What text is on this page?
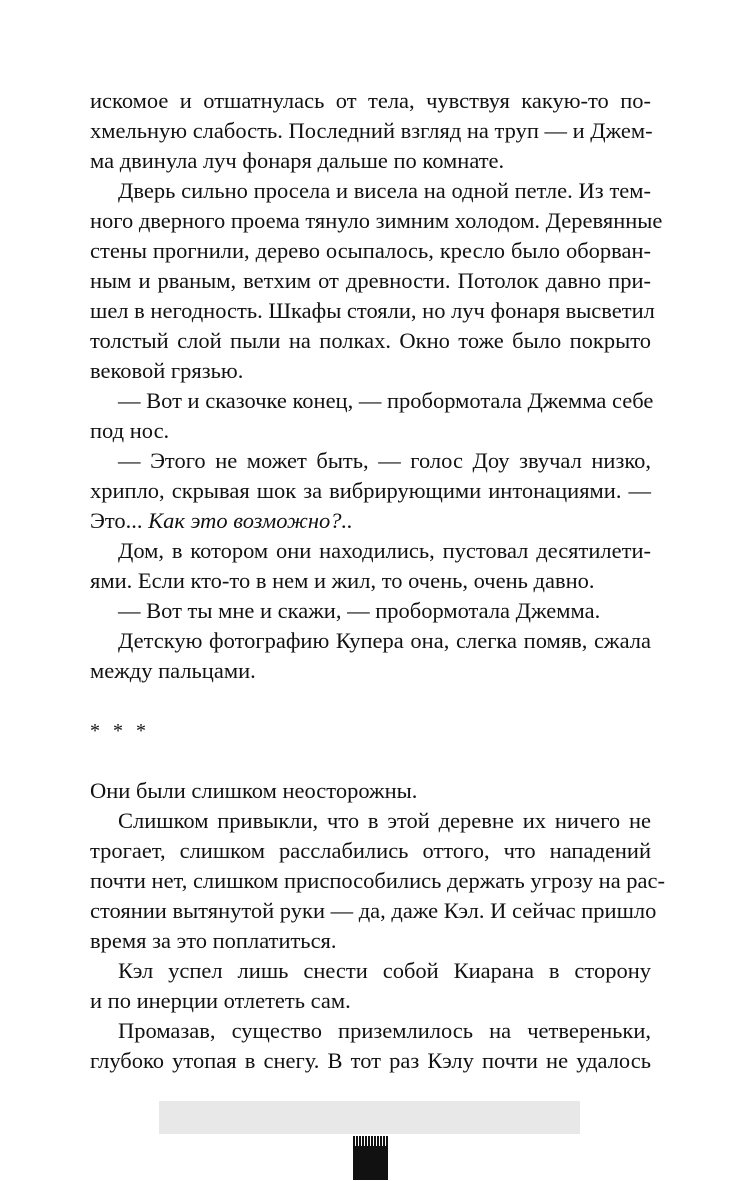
искомое и отшатнулась от тела, чувствуя какую-то по-
хмельную слабость. Последний взгляд на труп — и Джем-
ма двинула луч фонаря дальше по комнате.

Дверь сильно просела и висела на одной петле. Из тем-
ного дверного проема тянуло зимним холодом. Деревянные
стены прогнили, дерево осыпалось, кресло было оборван-
ным и рваным, ветхим от древности. Потолок давно при-
шел в негодность. Шкафы стояли, но луч фонаря высветил
толстый слой пыли на полках. Окно тоже было покрыто
вековой грязью.

— Вот и сказочке конец, — пробормотала Джемма себе
под нос.

— Этого не может быть, — голос Доу звучал низко,
хрипло, скрывая шок за вибрирующими интонациями. —
Это... Как это возможно?..

Дом, в котором они находились, пустовал десятилети-
ями. Если кто-то в нем и жил, то очень, очень давно.

— Вот ты мне и скажи, — пробормотала Джемма.

Детскую фотографию Купера она, слегка помяв, сжала
между пальцами.

* * *

Они были слишком неосторожны.

Слишком привыкли, что в этой деревне их ничего не
трогает, слишком расслабились оттого, что нападений
почти нет, слишком приспособились держать угрозу на рас-
стоянии вытянутой руки — да, даже Кэл. И сейчас пришло
время за это поплатиться.

Кэл успел лишь снести собой Киарана в сторону
и по инерции отлететь сам.

Промазав, существо приземлилось на четвереньки,
глубоко утопая в снегу. В тот раз Кэлу почти не удалось
